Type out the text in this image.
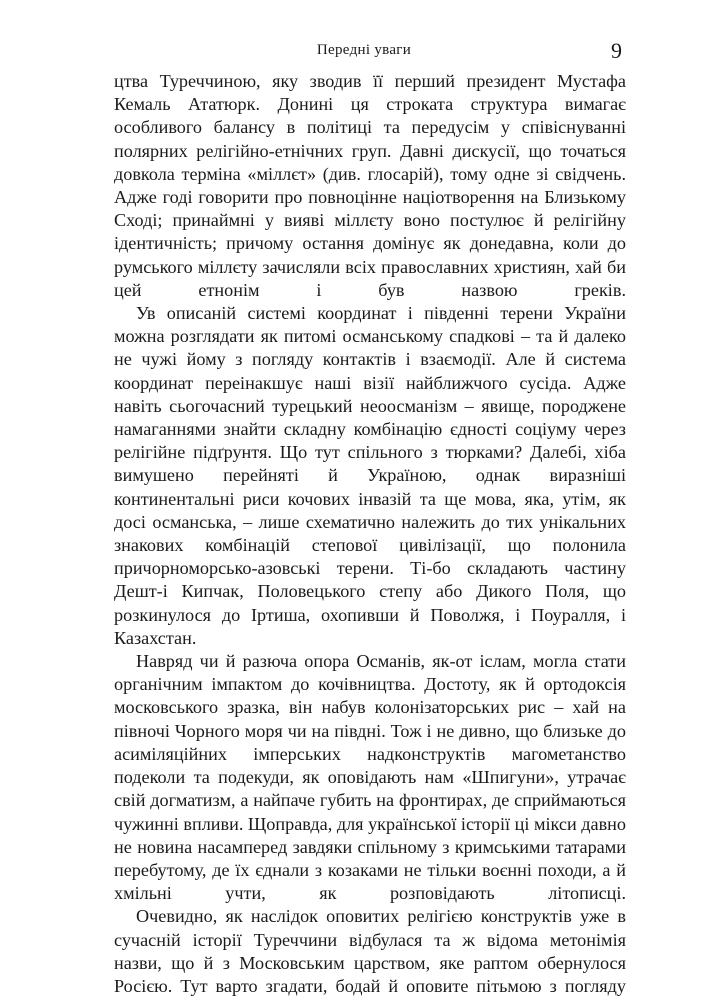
Передні уваги	9

цтва Туреччиною, яку зводив її перший президент Мустафа Кемаль Ататюрк. Донині ця строката структура вимагає особливого балансу в політиці та передусім у співіснуванні полярних релігійно-етнічних груп. Давні дискусії, що точаться довкола терміна «міллєт» (див. глосарій), тому одне зі свідчень. Адже годі говорити про повноцінне націотворення на Близькому Сході; принаймні у вияві міллєту воно постулює й релігійну ідентичність; причому остання домінує як донедавна, коли до румського міллєту зачисляли всіх православних християн, хай би цей етнонім і був назвою греків.

Ув описаній системі координат і південні терени України можна розглядати як питомі османському спадкові – та й далеко не чужі йому з погляду контактів і взаємодії. Але й система координат переінакшує наші візії найближчого сусіда. Адже навіть сьогочасний турецький неоосманізм – явище, породжене намаганнями знайти складну комбінацію єдності соціуму через релігійне підґрунтя. Що тут спільного з тюрками? Далебі, хіба вимушено перейняті й Україною, однак виразніші континентальні риси кочових інвазій та ще мова, яка, утім, як досі османська, – лише схематично належить до тих унікальних знакових комбінацій степової цивілізації, що полонила причорноморсько-азовські терени. Ті-бо складають частину Дешт-і Кипчак, Половецького степу або Дикого Поля, що розкинулося до Іртиша, охопивши й Поволжя, і Поуралля, і Казахстан.

Навряд чи й разюча опора Османів, як-от іслам, могла стати органічним імпактом до кочівництва. Достоту, як й ортодоксія московського зразка, він набув колонізаторських рис – хай на півночі Чорного моря чи на півдні. Тож і не дивно, що близьке до асиміляційних імперських надконструктів магометанство подеколи та подекуди, як оповідають нам «Шпигуни», утрачає свій догматизм, а найпаче губить на фронтирах, де сприймаються чужинні впливи. Щоправда, для української історії ці мікси давно не новина насамперед завдяки спільному з кримськими татарами перебутому, де їх єднали з козаками не тільки воєнні походи, а й хмільні учти, як розповідають літописці.

Очевидно, як наслідок оповитих релігією конструктів уже в сучасній історії Туреччини відбулася та ж відома метонімія назви, що й з Московським царством, яке раптом обернулося Росією. Тут варто згадати, бодай й оповите пітьмою з погляду
